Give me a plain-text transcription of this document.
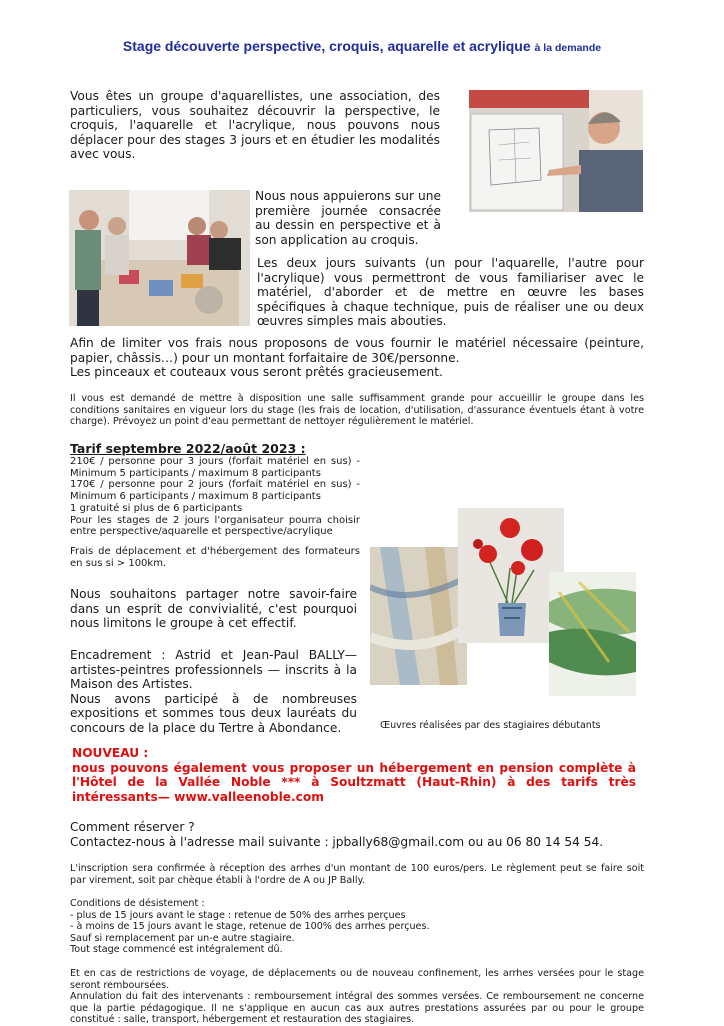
Stage découverte perspective, croquis, aquarelle et acrylique à la demande
Vous êtes un groupe d'aquarellistes, une association, des particuliers, vous souhaitez découvrir la perspective, le croquis, l'aquarelle et l'acrylique, nous pouvons nous déplacer pour des stages 3 jours et en étudier les modalités avec vous.
Nous nous appuierons sur une première journée consacrée au dessin en perspective et à son application au croquis.
Les deux jours suivants (un pour l'aquarelle, l'autre pour l'acrylique) vous permettront de vous familiariser avec le matériel, d'aborder et de mettre en œuvre les bases spécifiques à chaque technique, puis de réaliser une ou deux œuvres simples mais abouties.
Afin de limiter vos frais nous proposons de vous fournir le matériel nécessaire (peinture, papier, châssis…) pour un montant forfaitaire de 30€/personne.
Les pinceaux et couteaux vous seront prêtés gracieusement.
Il vous est demandé de mettre à disposition une salle suffisamment grande pour accueillir le groupe dans les conditions sanitaires en vigueur lors du stage (les frais de location, d'utilisation, d'assurance éventuels étant à votre charge). Prévoyez un point d'eau permettant de nettoyer régulièrement le matériel.
Tarif septembre 2022/août 2023 :
210€ / personne pour 3 jours (forfait matériel en sus) - Minimum 5 participants / maximum 8 participants
170€ / personne pour 2 jours (forfait matériel en sus) - Minimum 6 participants / maximum 8 participants
1 gratuité si plus de 6 participants
Pour les stages de 2 jours l'organisateur pourra choisir entre perspective/aquarelle et perspective/acrylique
Frais de déplacement et d'hébergement des formateurs en sus si > 100km.
Nous souhaitons partager notre savoir-faire dans un esprit de convivialité, c'est pourquoi nous limitons le groupe à cet effectif.
Encadrement : Astrid et Jean-Paul BALLY— artistes-peintres professionnels — inscrits à la Maison des Artistes.
Nous avons participé à de nombreuses expositions et sommes tous deux lauréats du concours de la place du Tertre à Abondance.	Œuvres réalisées par des stagiaires débutants
NOUVEAU :
nous pouvons également vous proposer un hébergement en pension complète à l'Hôtel de la Vallée Noble *** à Soultzmatt (Haut-Rhin) à des tarifs très intéressants— www.valleenoble.com
Comment réserver ?
Contactez-nous à l'adresse mail suivante : jpbally68@gmail.com ou au 06 80 14 54 54.
L'inscription sera confirmée à réception des arrhes d'un montant de 100 euros/pers. Le règlement peut se faire soit par virement, soit par chèque établi à l'ordre de A ou JP Bally.
Conditions de désistement :
- plus de 15 jours avant le stage : retenue de 50% des arrhes perçues
- à moins de 15 jours avant le stage, retenue de 100% des arrhes perçues.
Sauf si remplacement par un-e autre stagiaire.
Tout stage commencé est intégralement dû.
Et en cas de restrictions de voyage, de déplacements ou de nouveau confinement, les arrhes versées pour le stage seront remboursées.
Annulation du fait des intervenants : remboursement intégral des sommes versées. Ce remboursement ne concerne que la partie pédagogique. Il ne s'applique en aucun cas aux autres prestations assurées par ou pour le groupe constitué : salle, transport, hébergement et restauration des stagiaires.
